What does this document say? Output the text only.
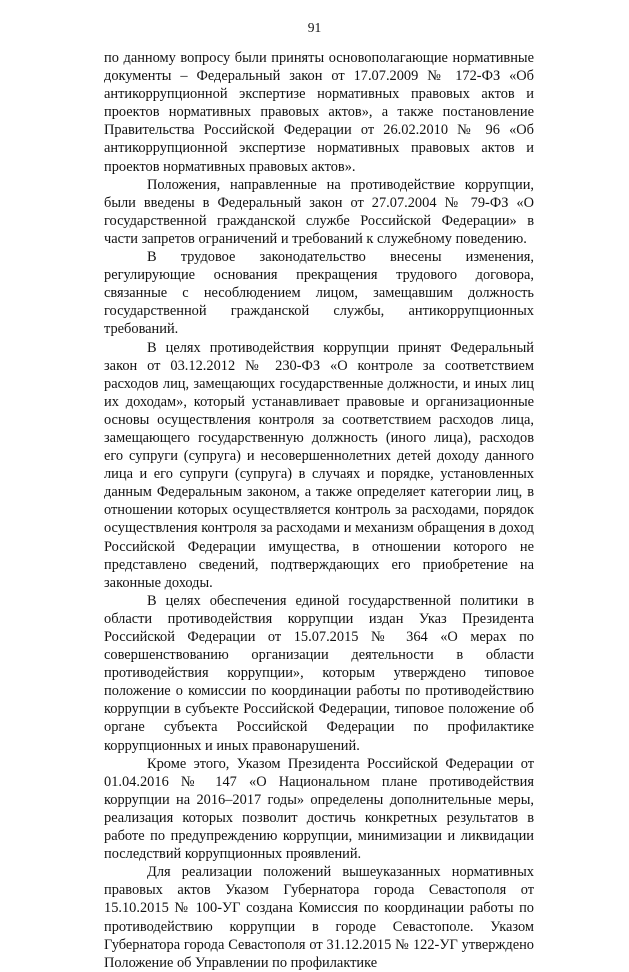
91

по данному вопросу были приняты основополагающие нормативные документы – Федеральный закон от 17.07.2009 № 172-ФЗ «Об антикоррупционной экспертизе нормативных правовых актов и проектов нормативных правовых актов», а также постановление Правительства Российской Федерации от 26.02.2010 № 96 «Об антикоррупционной экспертизе нормативных правовых актов и проектов нормативных правовых актов».

Положения, направленные на противодействие коррупции, были введены в Федеральный закон от 27.07.2004 № 79-ФЗ «О государственной гражданской службе Российской Федерации» в части запретов ограничений и требований к служебному поведению.

В трудовое законодательство внесены изменения, регулирующие основания прекращения трудового договора, связанные с несоблюдением лицом, замещавшим должность государственной гражданской службы, антикоррупционных требований.

В целях противодействия коррупции принят Федеральный закон от 03.12.2012 № 230-ФЗ «О контроле за соответствием расходов лиц, замещающих государственные должности, и иных лиц их доходам», который устанавливает правовые и организационные основы осуществления контроля за соответствием расходов лица, замещающего государственную должность (иного лица), расходов его супруги (супруга) и несовершеннолетних детей доходу данного лица и его супруги (супруга) в случаях и порядке, установленных данным Федеральным законом, а также определяет категории лиц, в отношении которых осуществляется контроль за расходами, порядок осуществления контроля за расходами и механизм обращения в доход Российской Федерации имущества, в отношении которого не представлено сведений, подтверждающих его приобретение на законные доходы.

В целях обеспечения единой государственной политики в области противодействия коррупции издан Указ Президента Российской Федерации от 15.07.2015 № 364 «О мерах по совершенствованию организации деятельности в области противодействия коррупции», которым утверждено типовое положение о комиссии по координации работы по противодействию коррупции в субъекте Российской Федерации, типовое положение об органе субъекта Российской Федерации по профилактике коррупционных и иных правонарушений.

Кроме этого, Указом Президента Российской Федерации от 01.04.2016 № 147 «О Национальном плане противодействия коррупции на 2016–2017 годы» определены дополнительные меры, реализация которых позволит достичь конкретных результатов в работе по предупреждению коррупции, минимизации и ликвидации последствий коррупционных проявлений.

Для реализации положений вышеуказанных нормативных правовых актов Указом Губернатора города Севастополя от 15.10.2015 № 100-УГ создана Комиссия по координации работы по противодействию коррупции в городе Севастополе. Указом Губернатора города Севастополя от 31.12.2015 № 122-УГ утверждено Положение об Управлении по профилактике
